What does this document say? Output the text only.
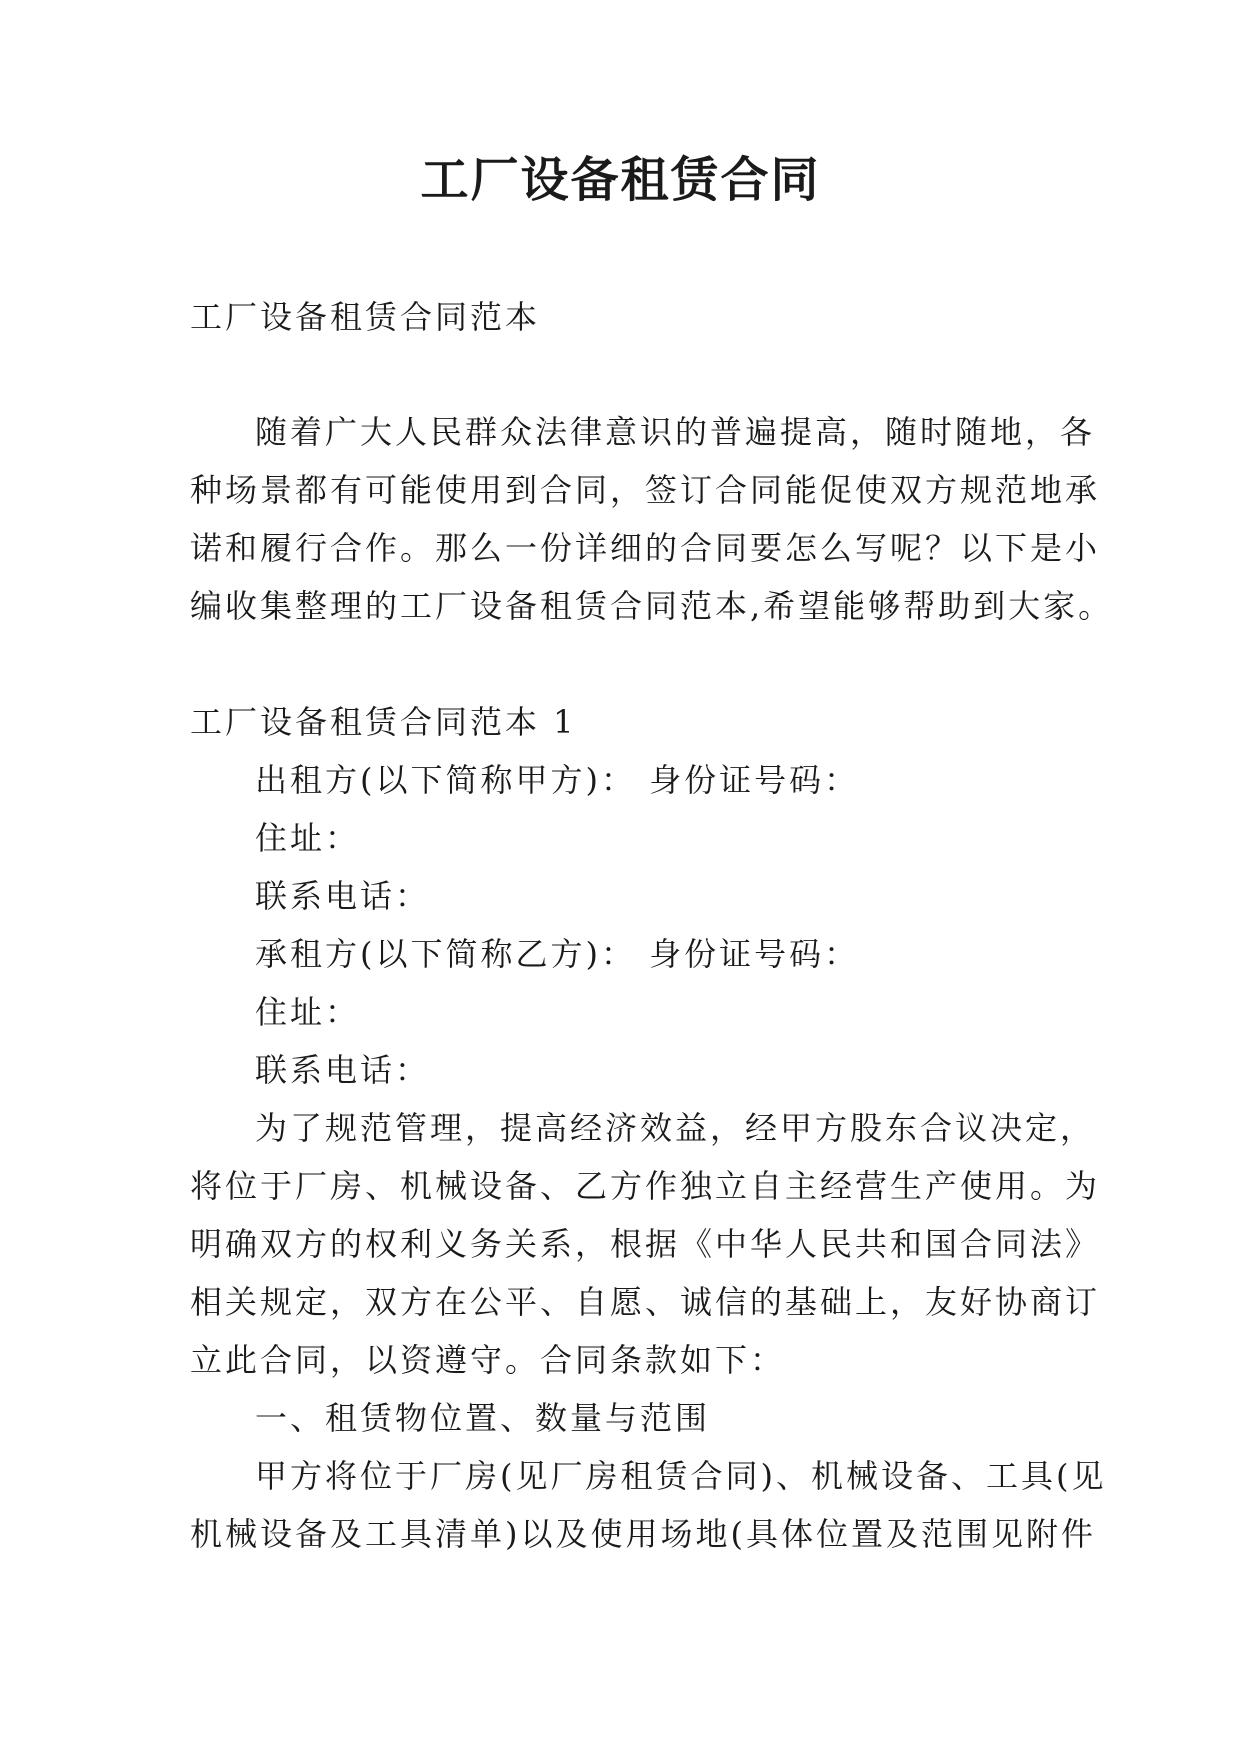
工厂设备租赁合同
工厂设备租赁合同范本
随着广大人民群众法律意识的普遍提高，随时随地，各
种场景都有可能使用到合同，签订合同能促使双方规范地承
诺和履行合作。那么一份详细的合同要怎么写呢？以下是小
编收集整理的工厂设备租赁合同范本,希望能够帮助到大家。
工厂设备租赁合同范本 1
出租方(以下简称甲方)： 身份证号码：
住址：
联系电话：
承租方(以下简称乙方)： 身份证号码：
住址：
联系电话：
为了规范管理，提高经济效益，经甲方股东合议决定，
将位于厂房、机械设备、乙方作独立自主经营生产使用。为
明确双方的权利义务关系，根据《中华人民共和国合同法》
相关规定，双方在公平、自愿、诚信的基础上，友好协商订
立此合同，以资遵守。合同条款如下：
一、租赁物位置、数量与范围
甲方将位于厂房(见厂房租赁合同)、机械设备、工具(见
机械设备及工具清单)以及使用场地(具体位置及范围见附件
